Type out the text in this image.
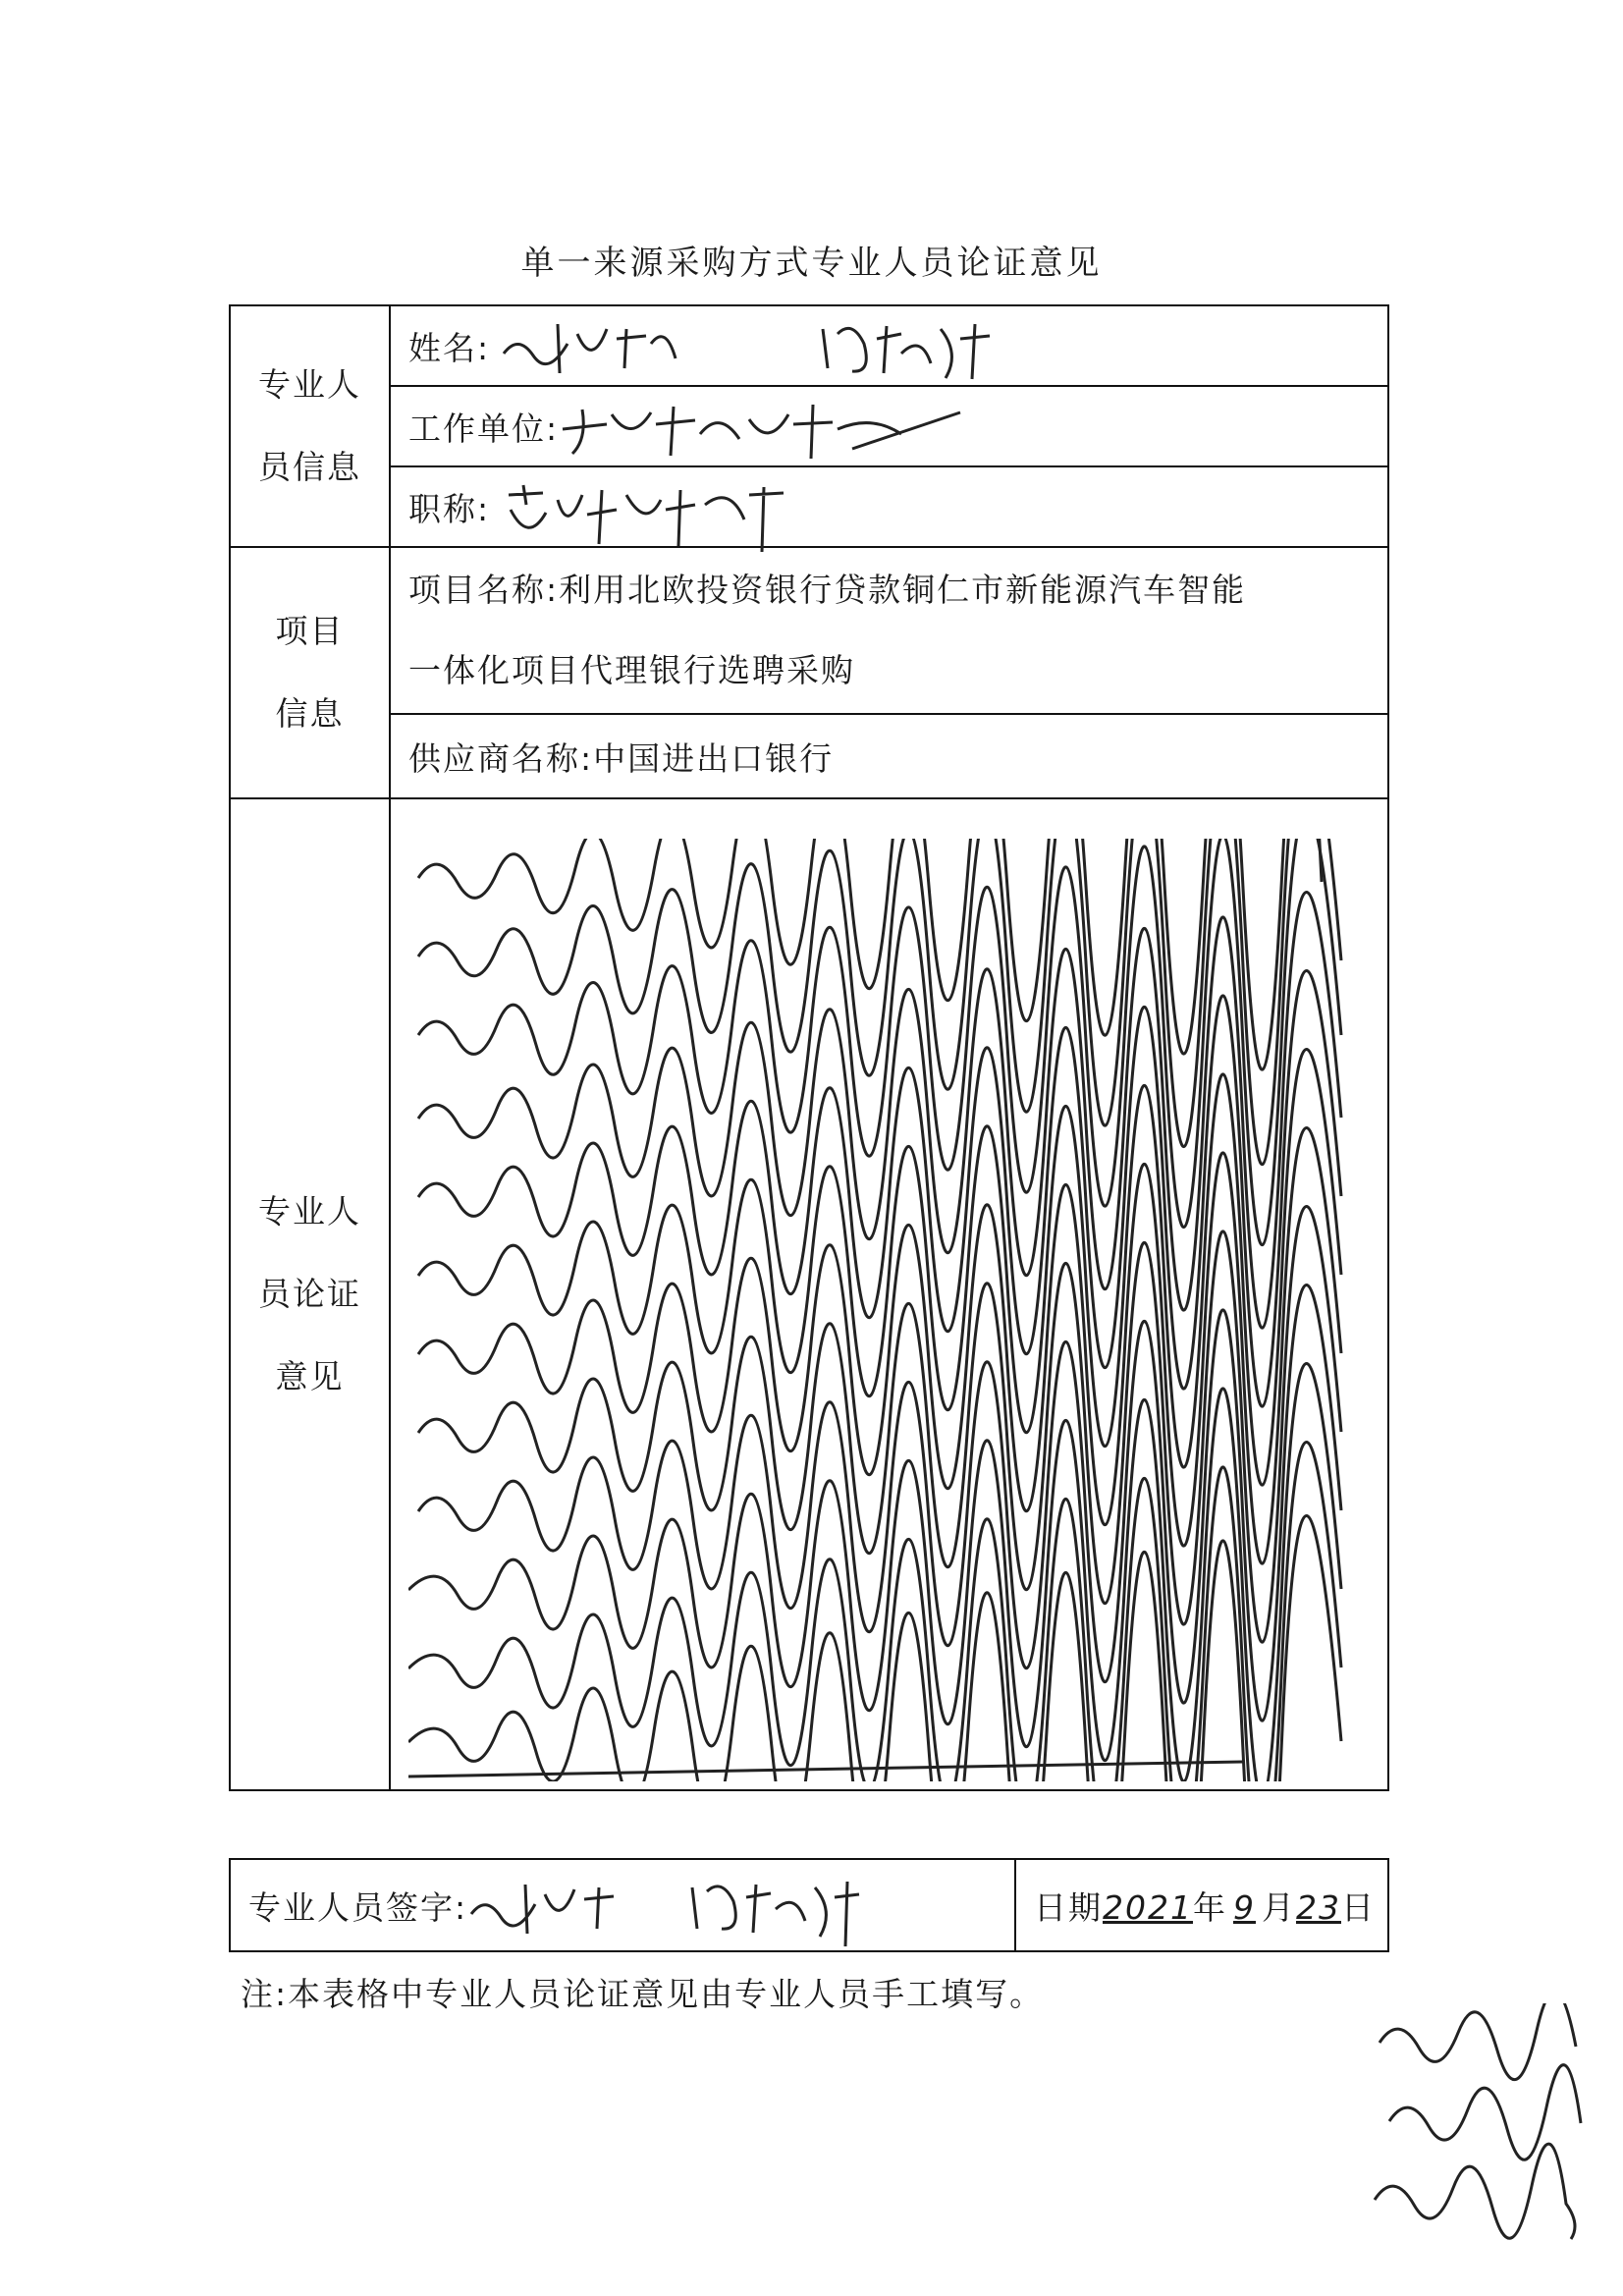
单一来源采购方式专业人员论证意见
专业人
员信息	姓名:

	工作单位:

	职称:

项目
信息	项目名称:利用北欧投资银行贷款铜仁市新能源汽车智能
一体化项目代理银行选聘采购
	供应商名称:中国进出口银行
专业人
员论证
意见	
专业人员签字:	日期2021年 9 月23日
注:本表格中专业人员论证意见由专业人员手工填写。
